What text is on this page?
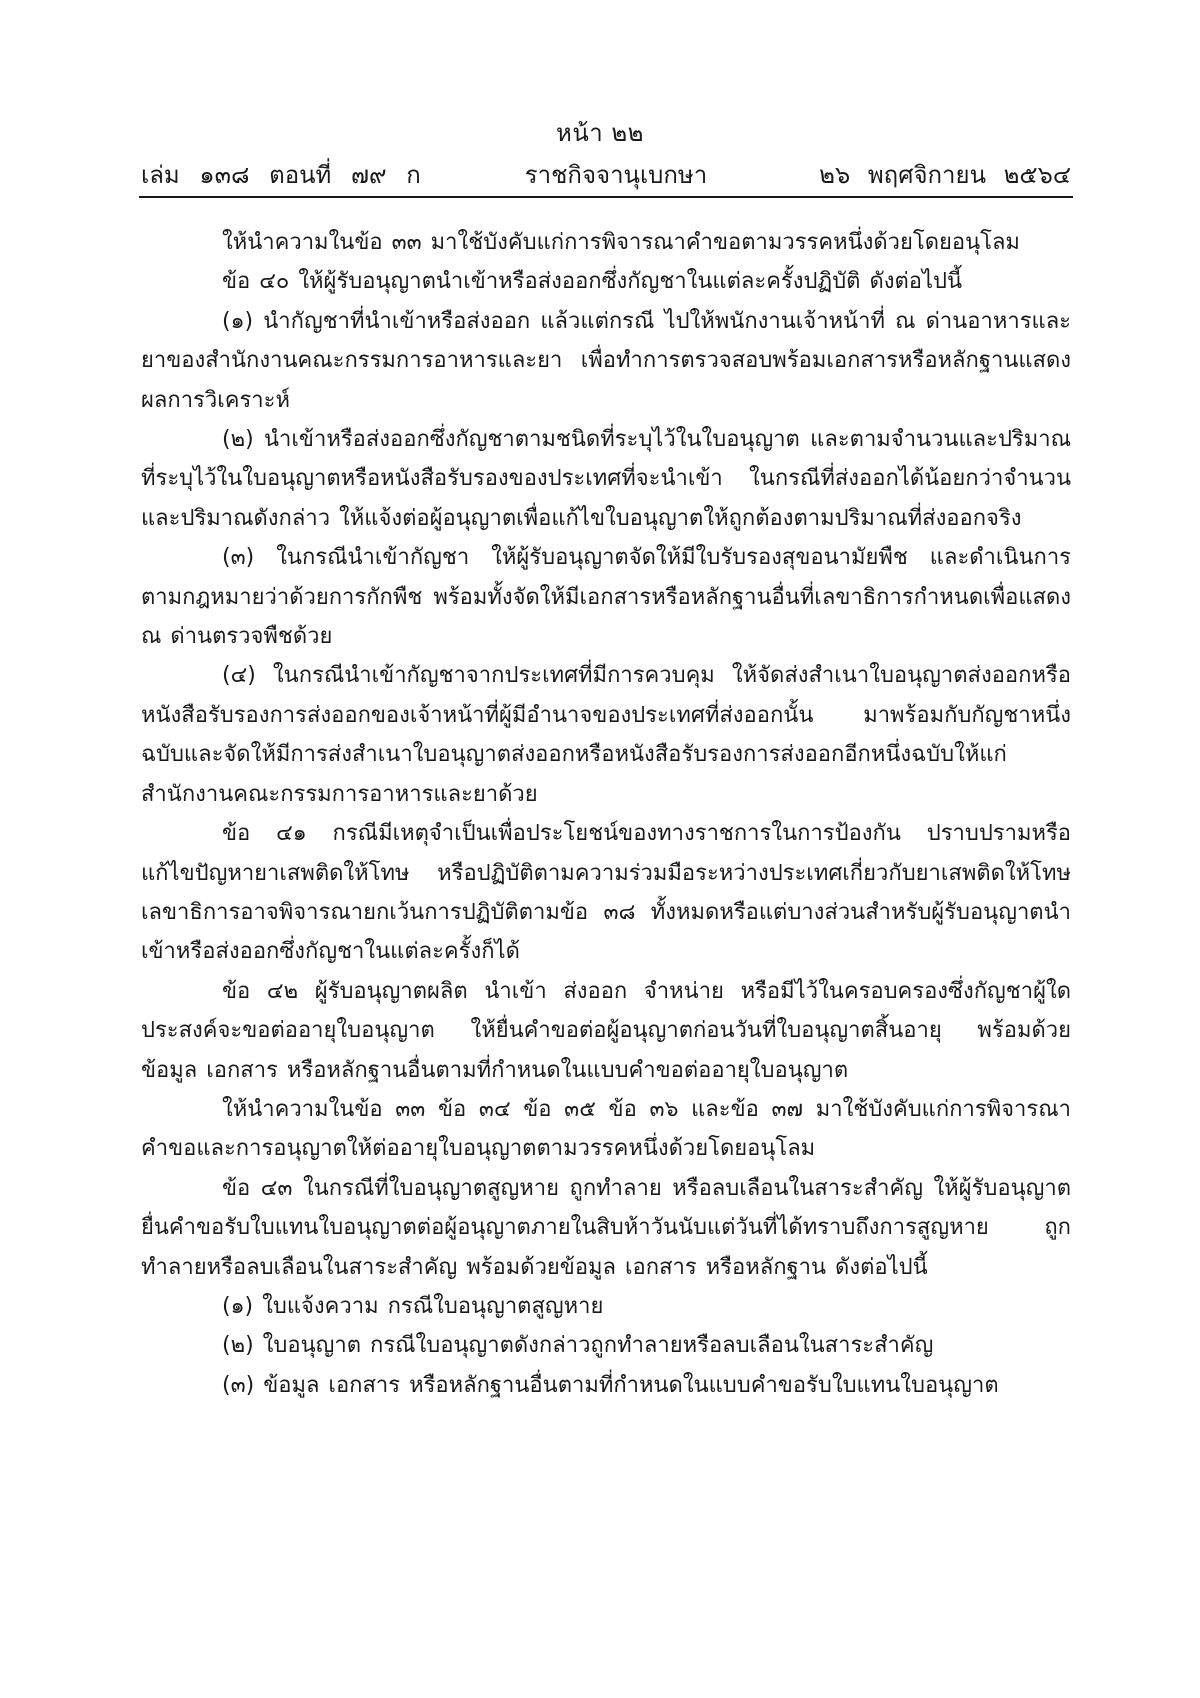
หน้า ๒๒
เล่ม ๑๓๘ ตอนที่ ๗๙ ก	ราชกิจจานุเบกษา	๒๖ พฤศจิกายน ๒๕๖๔

ให้นำความในข้อ ๓๓ มาใช้บังคับแก่การพิจารณาคำขอตามวรรคหนึ่งด้วยโดยอนุโลม

ข้อ ๔๐ ให้ผู้รับอนุญาตนำเข้าหรือส่งออกซึ่งกัญชาในแต่ละครั้งปฏิบัติ ดังต่อไปนี้

(๑) นำกัญชาที่นำเข้าหรือส่งออก แล้วแต่กรณี ไปให้พนักงานเจ้าหน้าที่ ณ ด่านอาหารและยาของสำนักงานคณะกรรมการอาหารและยา เพื่อทำการตรวจสอบพร้อมเอกสารหรือหลักฐานแสดงผลการวิเคราะห์

(๒) นำเข้าหรือส่งออกซึ่งกัญชาตามชนิดที่ระบุไว้ในใบอนุญาต และตามจำนวนและปริมาณที่ระบุไว้ในใบอนุญาตหรือหนังสือรับรองของประเทศที่จะนำเข้า ในกรณีที่ส่งออกได้น้อยกว่าจำนวนและปริมาณดังกล่าว ให้แจ้งต่อผู้อนุญาตเพื่อแก้ไขใบอนุญาตให้ถูกต้องตามปริมาณที่ส่งออกจริง

(๓) ในกรณีนำเข้ากัญชา ให้ผู้รับอนุญาตจัดให้มีใบรับรองสุขอนามัยพืช และดำเนินการตามกฎหมายว่าด้วยการกักพืช พร้อมทั้งจัดให้มีเอกสารหรือหลักฐานอื่นที่เลขาธิการกำหนดเพื่อแสดง ณ ด่านตรวจพืชด้วย

(๔) ในกรณีนำเข้ากัญชาจากประเทศที่มีการควบคุม ให้จัดส่งสำเนาใบอนุญาตส่งออกหรือหนังสือรับรองการส่งออกของเจ้าหน้าที่ผู้มีอำนาจของประเทศที่ส่งออกนั้น มาพร้อมกับกัญชาหนึ่งฉบับและจัดให้มีการส่งสำเนาใบอนุญาตส่งออกหรือหนังสือรับรองการส่งออกอีกหนึ่งฉบับให้แก่สำนักงานคณะกรรมการอาหารและยาด้วย

ข้อ ๔๑ กรณีมีเหตุจำเป็นเพื่อประโยชน์ของทางราชการในการป้องกัน ปราบปรามหรือแก้ไขปัญหายาเสพติดให้โทษ หรือปฏิบัติตามความร่วมมือระหว่างประเทศเกี่ยวกับยาเสพติดให้โทษเลขาธิการอาจพิจารณายกเว้นการปฏิบัติตามข้อ ๓๘ ทั้งหมดหรือแต่บางส่วนสำหรับผู้รับอนุญาตนำเข้าหรือส่งออกซึ่งกัญชาในแต่ละครั้งก็ได้

ข้อ ๔๒ ผู้รับอนุญาตผลิต นำเข้า ส่งออก จำหน่าย หรือมีไว้ในครอบครองซึ่งกัญชาผู้ใดประสงค์จะขอต่ออายุใบอนุญาต ให้ยื่นคำขอต่อผู้อนุญาตก่อนวันที่ใบอนุญาตสิ้นอายุ พร้อมด้วยข้อมูล เอกสาร หรือหลักฐานอื่นตามที่กำหนดในแบบคำขอต่ออายุใบอนุญาต

ให้นำความในข้อ ๓๓ ข้อ ๓๔ ข้อ ๓๕ ข้อ ๓๖ และข้อ ๓๗ มาใช้บังคับแก่การพิจารณาคำขอและการอนุญาตให้ต่ออายุใบอนุญาตตามวรรคหนึ่งด้วยโดยอนุโลม

ข้อ ๔๓ ในกรณีที่ใบอนุญาตสูญหาย ถูกทำลาย หรือลบเลือนในสาระสำคัญ ให้ผู้รับอนุญาตยื่นคำขอรับใบแทนใบอนุญาตต่อผู้อนุญาตภายในสิบห้าวันนับแต่วันที่ได้ทราบถึงการสูญหาย ถูกทำลายหรือลบเลือนในสาระสำคัญ พร้อมด้วยข้อมูล เอกสาร หรือหลักฐาน ดังต่อไปนี้

(๑) ใบแจ้งความ กรณีใบอนุญาตสูญหาย

(๒) ใบอนุญาต กรณีใบอนุญาตดังกล่าวถูกทำลายหรือลบเลือนในสาระสำคัญ

(๓) ข้อมูล เอกสาร หรือหลักฐานอื่นตามที่กำหนดในแบบคำขอรับใบแทนใบอนุญาต
